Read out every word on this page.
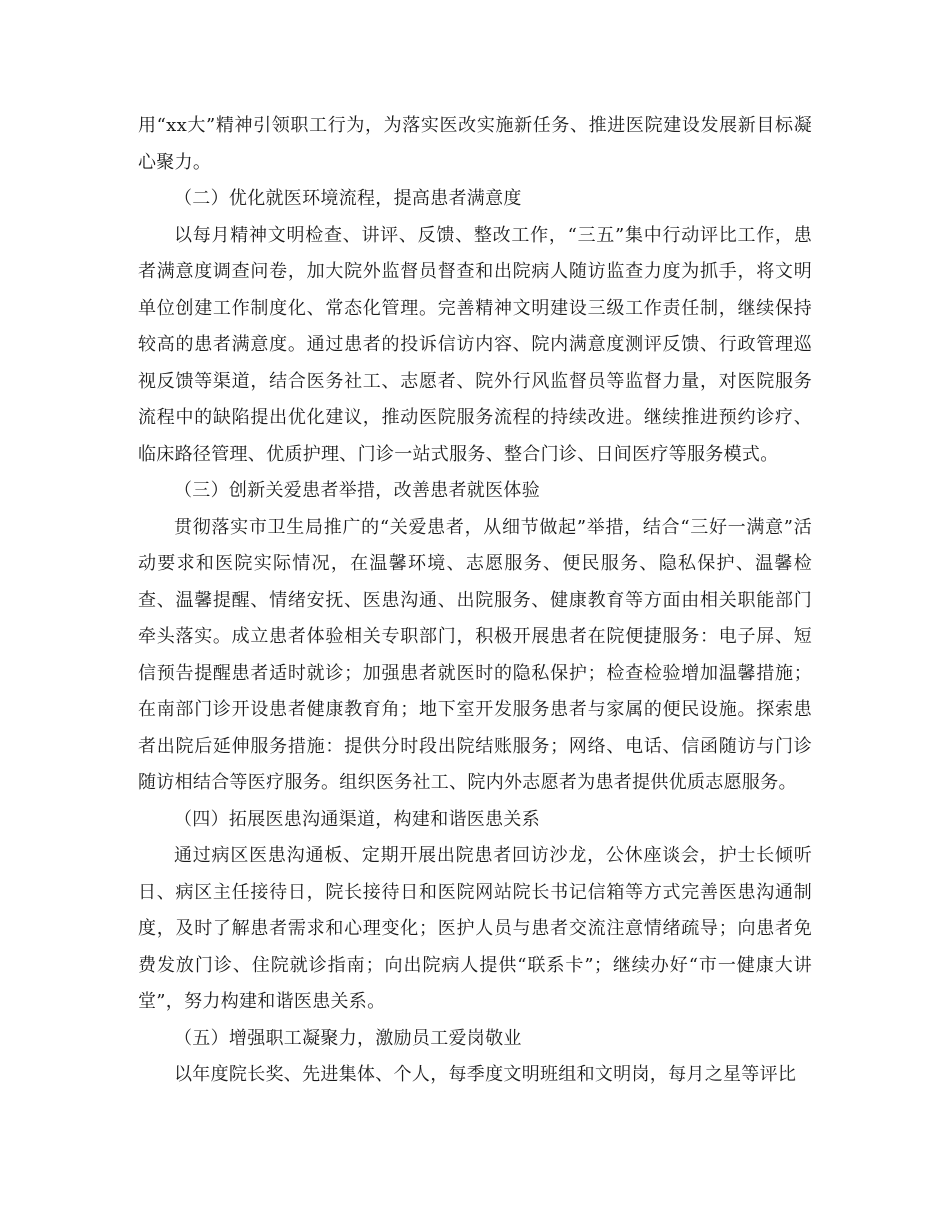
用“xx大”精神引领职工行为，为落实医改实施新任务、推进医院建设发展新目标凝心聚力。

（二）优化就医环境流程，提高患者满意度

以每月精神文明检查、讲评、反馈、整改工作，“三五”集中行动评比工作，患者满意度调查问卷，加大院外监督员督查和出院病人随访监查力度为抓手，将文明单位创建工作制度化、常态化管理。完善精神文明建设三级工作责任制，继续保持较高的患者满意度。通过患者的投诉信访内容、院内满意度测评反馈、行政管理巡视反馈等渠道，结合医务社工、志愿者、院外行风监督员等监督力量，对医院服务流程中的缺陷提出优化建议，推动医院服务流程的持续改进。继续推进预约诊疗、临床路径管理、优质护理、门诊一站式服务、整合门诊、日间医疗等服务模式。

（三）创新关爱患者举措，改善患者就医体验

贯彻落实市卫生局推广的“关爱患者，从细节做起”举措，结合“三好一满意”活动要求和医院实际情况，在温馨环境、志愿服务、便民服务、隐私保护、温馨检查、温馨提醒、情绪安抚、医患沟通、出院服务、健康教育等方面由相关职能部门牵头落实。成立患者体验相关专职部门，积极开展患者在院便捷服务：电子屏、短信预告提醒患者适时就诊；加强患者就医时的隐私保护；检查检验增加温馨措施；在南部门诊开设患者健康教育角；地下室开发服务患者与家属的便民设施。探索患者出院后延伸服务措施：提供分时段出院结账服务；网络、电话、信函随访与门诊随访相结合等医疗服务。组织医务社工、院内外志愿者为患者提供优质志愿服务。

（四）拓展医患沟通渠道，构建和谐医患关系

通过病区医患沟通板、定期开展出院患者回访沙龙，公休座谈会，护士长倾听日、病区主任接待日，院长接待日和医院网站院长书记信箱等方式完善医患沟通制度，及时了解患者需求和心理变化；医护人员与患者交流注意情绪疏导；向患者免费发放门诊、住院就诊指南；向出院病人提供“联系卡”；继续办好“市一健康大讲堂”，努力构建和谐医患关系。

（五）增强职工凝聚力，激励员工爱岗敬业

以年度院长奖、先进集体、个人，每季度文明班组和文明岗，每月之星等评比
